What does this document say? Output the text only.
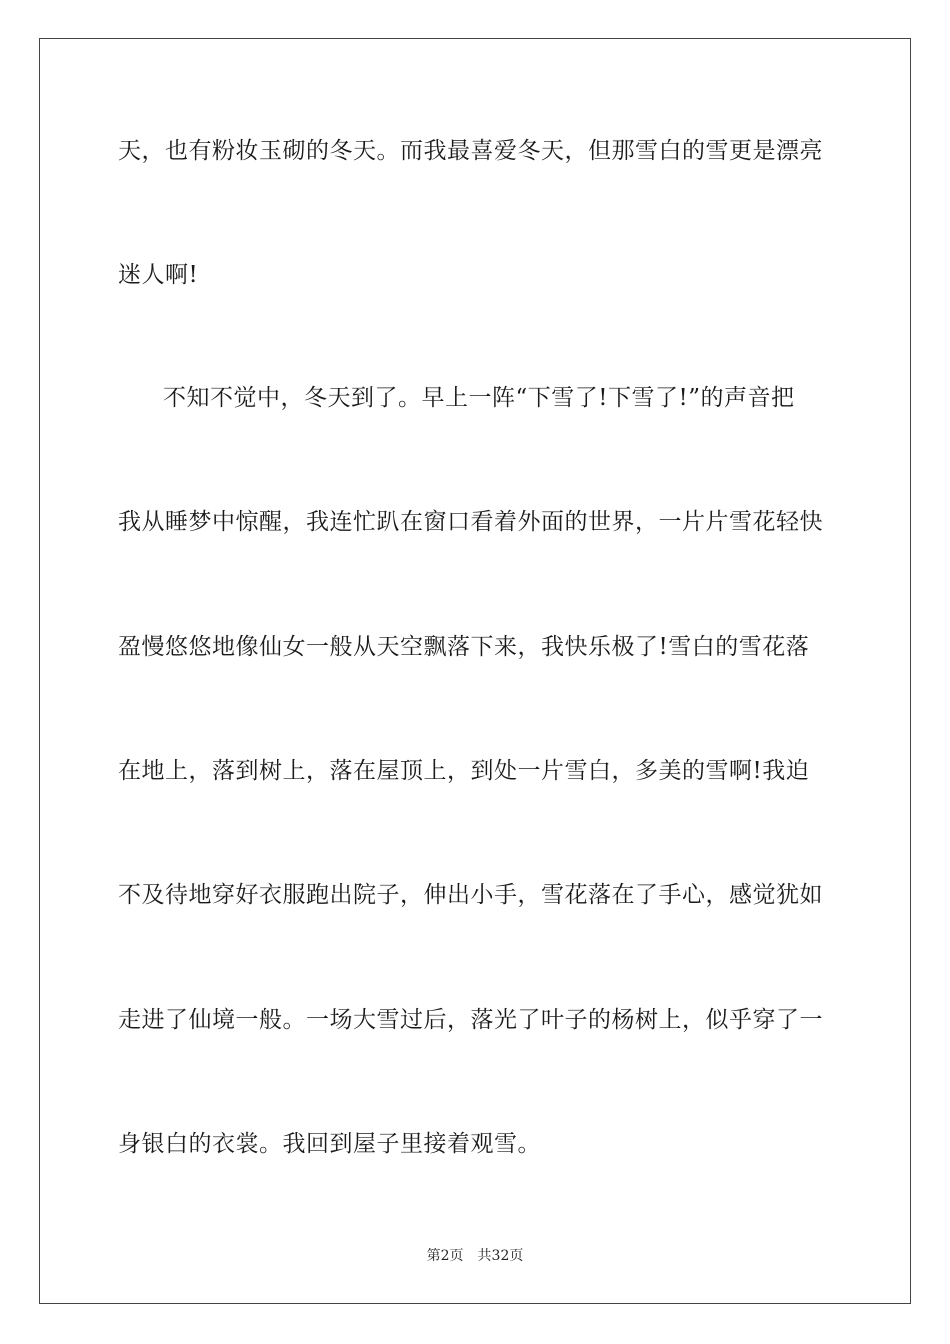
天，也有粉妆玉砌的冬天。而我最喜爱冬天，但那雪白的雪更是漂亮
迷人啊!
不知不觉中，冬天到了。早上一阵“下雪了!下雪了!”的声音把
我从睡梦中惊醒，我连忙趴在窗口看着外面的世界，一片片雪花轻快
盈慢悠悠地像仙女一般从天空飘落下来，我快乐极了!雪白的雪花落
在地上，落到树上，落在屋顶上，到处一片雪白，多美的雪啊!我迫
不及待地穿好衣服跑出院子，伸出小手，雪花落在了手心，感觉犹如
走进了仙境一般。一场大雪过后，落光了叶子的杨树上，似乎穿了一
身银白的衣裳。我回到屋子里接着观雪。
第2页 共32页
